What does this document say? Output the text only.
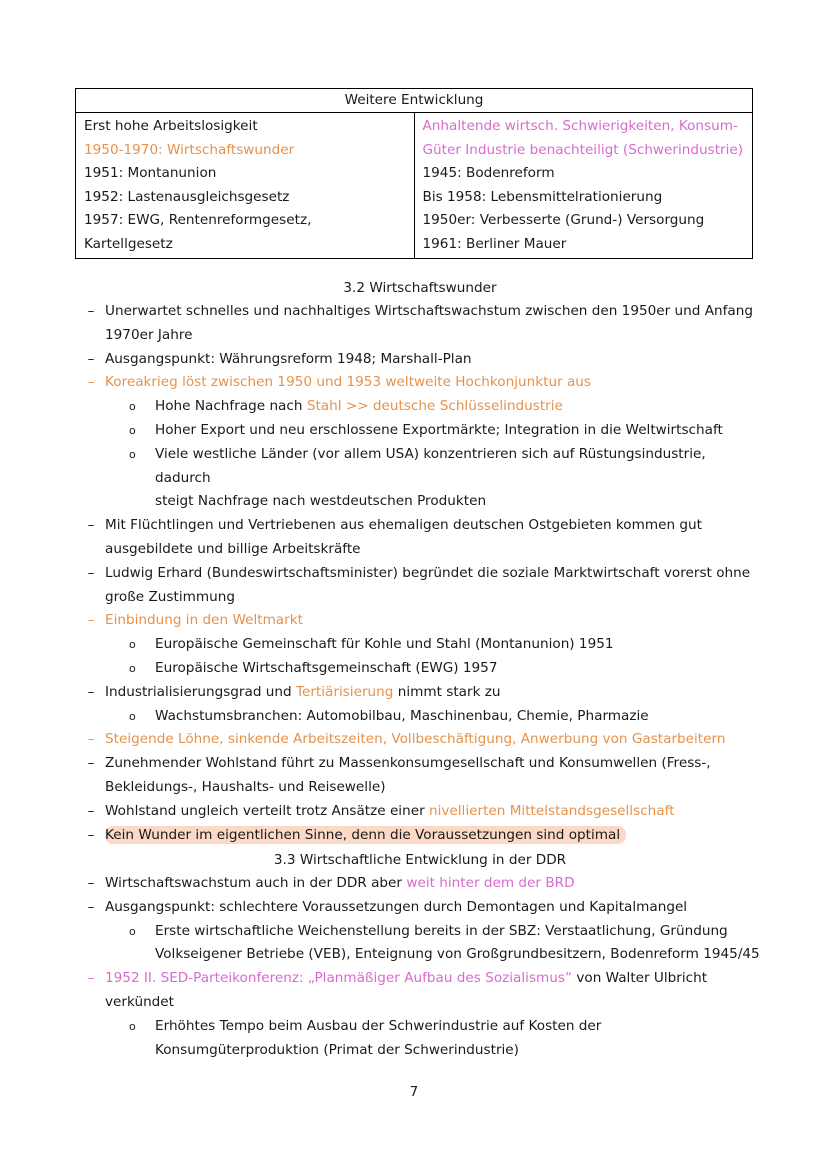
Weitere Entwicklung

Erst hohe Arbeitslosigkeit
1950-1970: Wirtschaftswunder
1951: Montanunion
1952: Lastenausgleichsgesetz
1957: EWG, Rentenreformgesetz,
Kartellgesetz

Anhaltende wirtsch. Schwierigkeiten, Konsum-
Güter Industrie benachteiligt (Schwerindustrie)
1945: Bodenreform
Bis 1958: Lebensmittelrationierung
1950er: Verbesserte (Grund-) Versorgung
1961: Berliner Mauer
3.2 Wirtschaftswunder
– Unerwartet schnelles und nachhaltiges Wirtschaftswachstum zwischen den 1950er und Anfang
1970er Jahre
– Ausgangspunkt: Währungsreform 1948; Marshall-Plan
– Koreakrieg löst zwischen 1950 und 1953 weltweite Hochkonjunktur aus
o Hohe Nachfrage nach Stahl >> deutsche Schlüsselindustrie
o Hoher Export und neu erschlossene Exportmärkte; Integration in die Weltwirtschaft
o Viele westliche Länder (vor allem USA) konzentrieren sich auf Rüstungsindustrie, dadurch
steigt Nachfrage nach westdeutschen Produkten
– Mit Flüchtlingen und Vertriebenen aus ehemaligen deutschen Ostgebieten kommen gut
ausgebildete und billige Arbeitskräfte
– Ludwig Erhard (Bundeswirtschaftsminister) begründet die soziale Marktwirtschaft vorerst ohne
große Zustimmung
– Einbindung in den Weltmarkt
o Europäische Gemeinschaft für Kohle und Stahl (Montanunion) 1951
o Europäische Wirtschaftsgemeinschaft (EWG) 1957
– Industrialisierungsgrad und Tertiärisierung nimmt stark zu
o Wachstumsbranchen: Automobilbau, Maschinenbau, Chemie, Pharmazie
– Steigende Löhne, sinkende Arbeitszeiten, Vollbeschäftigung, Anwerbung von Gastarbeitern
– Zunehmender Wohlstand führt zu Massenkonsumgesellschaft und Konsumwellen (Fress-,
Bekleidungs-, Haushalts- und Reisewelle)
– Wohlstand ungleich verteilt trotz Ansätze einer nivellierten Mittelstandsgesellschaft
– Kein Wunder im eigentlichen Sinne, denn die Voraussetzungen sind optimal
3.3 Wirtschaftliche Entwicklung in der DDR
– Wirtschaftswachstum auch in der DDR aber weit hinter dem der BRD
– Ausgangspunkt: schlechtere Voraussetzungen durch Demontagen und Kapitalmangel
o Erste wirtschaftliche Weichenstellung bereits in der SBZ: Verstaatlichung, Gründung
Volkseigener Betriebe (VEB), Enteignung von Großgrundbesitzern, Bodenreform 1945/45
– 1952 II. SED-Parteikonferenz: „Planmäßiger Aufbau des Sozialismus“ von Walter Ulbricht
verkündet
o Erhöhtes Tempo beim Ausbau der Schwerindustrie auf Kosten der
Konsumgüterproduktion (Primat der Schwerindustrie)
7
